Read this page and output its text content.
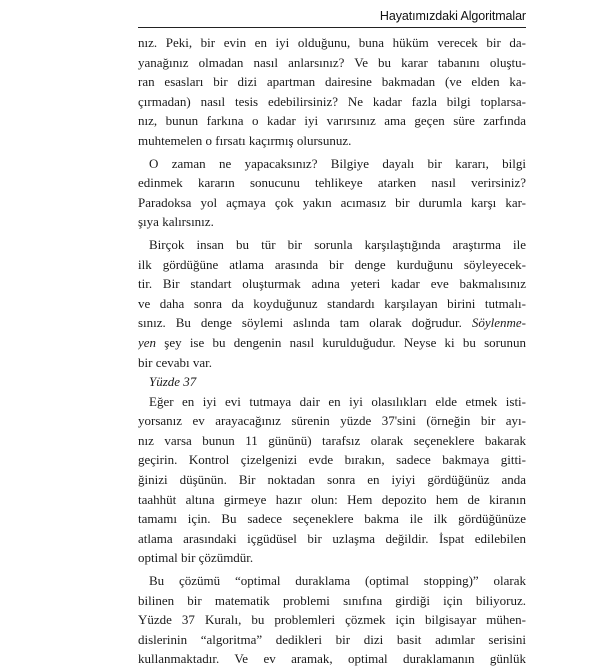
Hayatımızdaki Algoritmalar
nız. Peki, bir evin en iyi olduğunu, buna hüküm verecek bir da-
yanağınız olmadan nasıl anlarsınız? Ve bu karar tabanını oluştu-
ran esasları bir dizi apartman dairesine bakmadan (ve elden ka-
çırmadan) nasıl tesis edebilirsiniz? Ne kadar fazla bilgi toplarsa-
nız, bunun farkına o kadar iyi varırsınız ama geçen süre zarfında
muhtemelen o fırsatı kaçırmış olursunuz.
O zaman ne yapacaksınız? Bilgiye dayalı bir kararı, bilgi
edinmek kararın sonucunu tehlikeye atarken nasıl verirsiniz?
Paradoksa yol açmaya çok yakın acımasız bir durumla karşı kar-
şıya kalırsınız.
Birçok insan bu tür bir sorunla karşılaştığında araştırma ile
ilk gördüğüne atlama arasında bir denge kurduğunu söyleyecek-
tir. Bir standart oluşturmak adına yeteri kadar eve bakmalısınız
ve daha sonra da koyduğunuz standardı karşılayan birini tutmalı-
sınız. Bu denge söylemi aslında tam olarak doğrudur. Söylenme-
yen şey ise bu dengenin nasıl kurulduğudur. Neyse ki bu sorunun
bir cevabı var.
Yüzde 37
Eğer en iyi evi tutmaya dair en iyi olasılıkları elde etmek isti-
yorsanız ev arayacağınız sürenin yüzde 37'sini (örneğin bir ayı-
nız varsa bunun 11 gününü) tarafsız olarak seçeneklere bakarak
geçirin. Kontrol çizelgenizi evde bırakın, sadece bakmaya gitti-
ğinizi düşünün. Bir noktadan sonra en iyiyi gördüğünüz anda
taahhüt altına girmeye hazır olun: Hem depozito hem de kiranın
tamamı için. Bu sadece seçeneklere bakma ile ilk gördüğünüze
atlama arasındaki içgüdüsel bir uzlaşma değildir. İspat edilebilen
optimal bir çözümdür.
Bu çözümü “optimal duraklama (optimal stopping)” olarak
bilinen bir matematik problemi sınıfına girdiği için biliyoruz.
Yüzde 37 Kuralı, bu problemleri çözmek için bilgisayar mühen-
dislerinin “algoritma” dedikleri bir dizi basit adımlar serisini
kullanmaktadır. Ve ev aramak, optimal duraklamanın günlük
